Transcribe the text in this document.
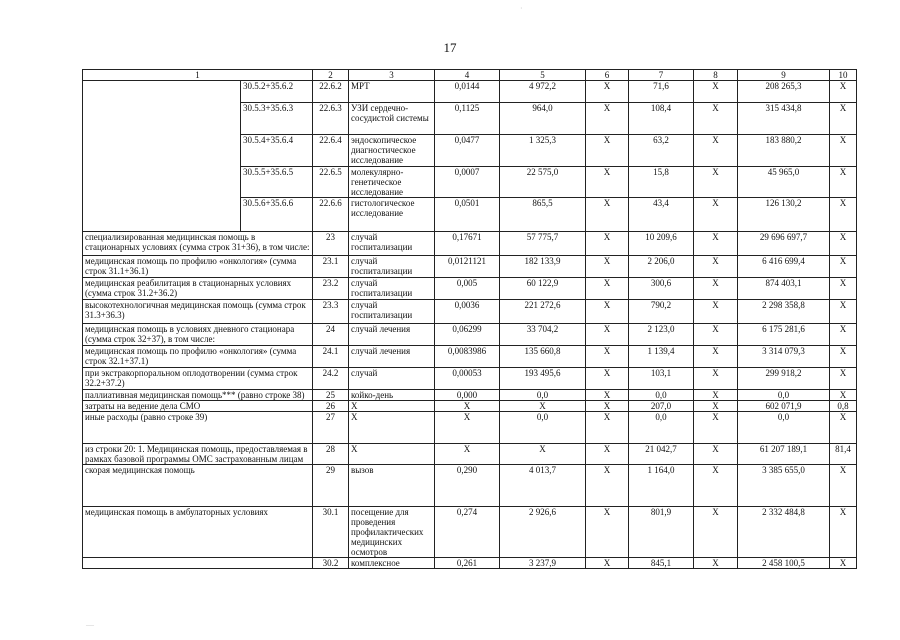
17
1		2	3	4	5	6	7	8	9	10
	30.5.2+35.6.2	22.6.2	МРТ	0,0144	4 972,2	X	71,6	X	208 265,3	X
	30.5.3+35.6.3	22.6.3	УЗИ сердечно-сосудистой системы	0,1125	964,0	X	108,4	X	315 434,8	X
	30.5.4+35.6.4	22.6.4	эндоскопическое диагностическое исследование	0,0477	1 325,3	X	63,2	X	183 880,2	X
	30.5.5+35.6.5	22.6.5	молекулярно-генетическое исследование	0,0007	22 575,0	X	15,8	X	45 965,0	X
	30.5.6+35.6.6	22.6.6	гистологическое исследование	0,0501	865,5	X	43,4	X	126 130,2	X
специализированная медицинская помощь в стационарных условиях (сумма строк 31+36), в том числе:		23	случай госпитализации	0,17671	57 775,7	X	10 209,6	X	29 696 697,7	X
медицинская помощь по профилю «онкология» (сумма строк 31.1+36.1)		23.1	случай госпитализации	0,0121121	182 133,9	X	2 206,0	X	6 416 699,4	X
медицинская реабилитация в стационарных условиях (сумма строк 31.2+36.2)		23.2	случай госпитализации	0,005	60 122,9	X	300,6	X	874 403,1	X
высокотехнологичная медицинская помощь (сумма строк 31.3+36.3)		23.3	случай госпитализации	0,0036	221 272,6	X	790,2	X	2 298 358,8	X
медицинская помощь в условиях дневного стационара (сумма строк 32+37), в том числе:		24	случай лечения	0,06299	33 704,2	X	2 123,0	X	6 175 281,6	X
медицинская помощь по профилю «онкология» (сумма строк 32.1+37.1)		24.1	случай лечения	0,0083986	135 660,8	X	1 139,4	X	3 314 079,3	X
при экстракорпоральном оплодотворении (сумма строк 32.2+37.2)		24.2	случай	0,00053	193 495,6	X	103,1	X	299 918,2	X
паллиативная медицинская помощь*** (равно строке 38)		25	койко-день	0,000	0,0	X	0,0	X	0,0	X
затраты на ведение дела СМО		26	X	X	X	X	207,0	X	602 071,9	0,8
иные расходы (равно строке 39)		27	X	X	0,0	X	0,0	X	0,0	X
из строки 20: 1. Медицинская помощь, предоставляемая в рамках базовой программы ОМС застрахованным лицам		28	X	X	X	X	21 042,7	X	61 207 189,1	81,4
скорая медицинская помощь		29	вызов	0,290	4 013,7	X	1 164,0	X	3 385 655,0	X
медицинская помощь в амбулаторных условиях		30.1	посещение для проведения профилактических медицинских осмотров	0,274	2 926,6	X	801,9	X	2 332 484,8	X
		30.2	комплексное	0,261	3 237,9	X	845,1	X	2 458 100,5	X
·
—
